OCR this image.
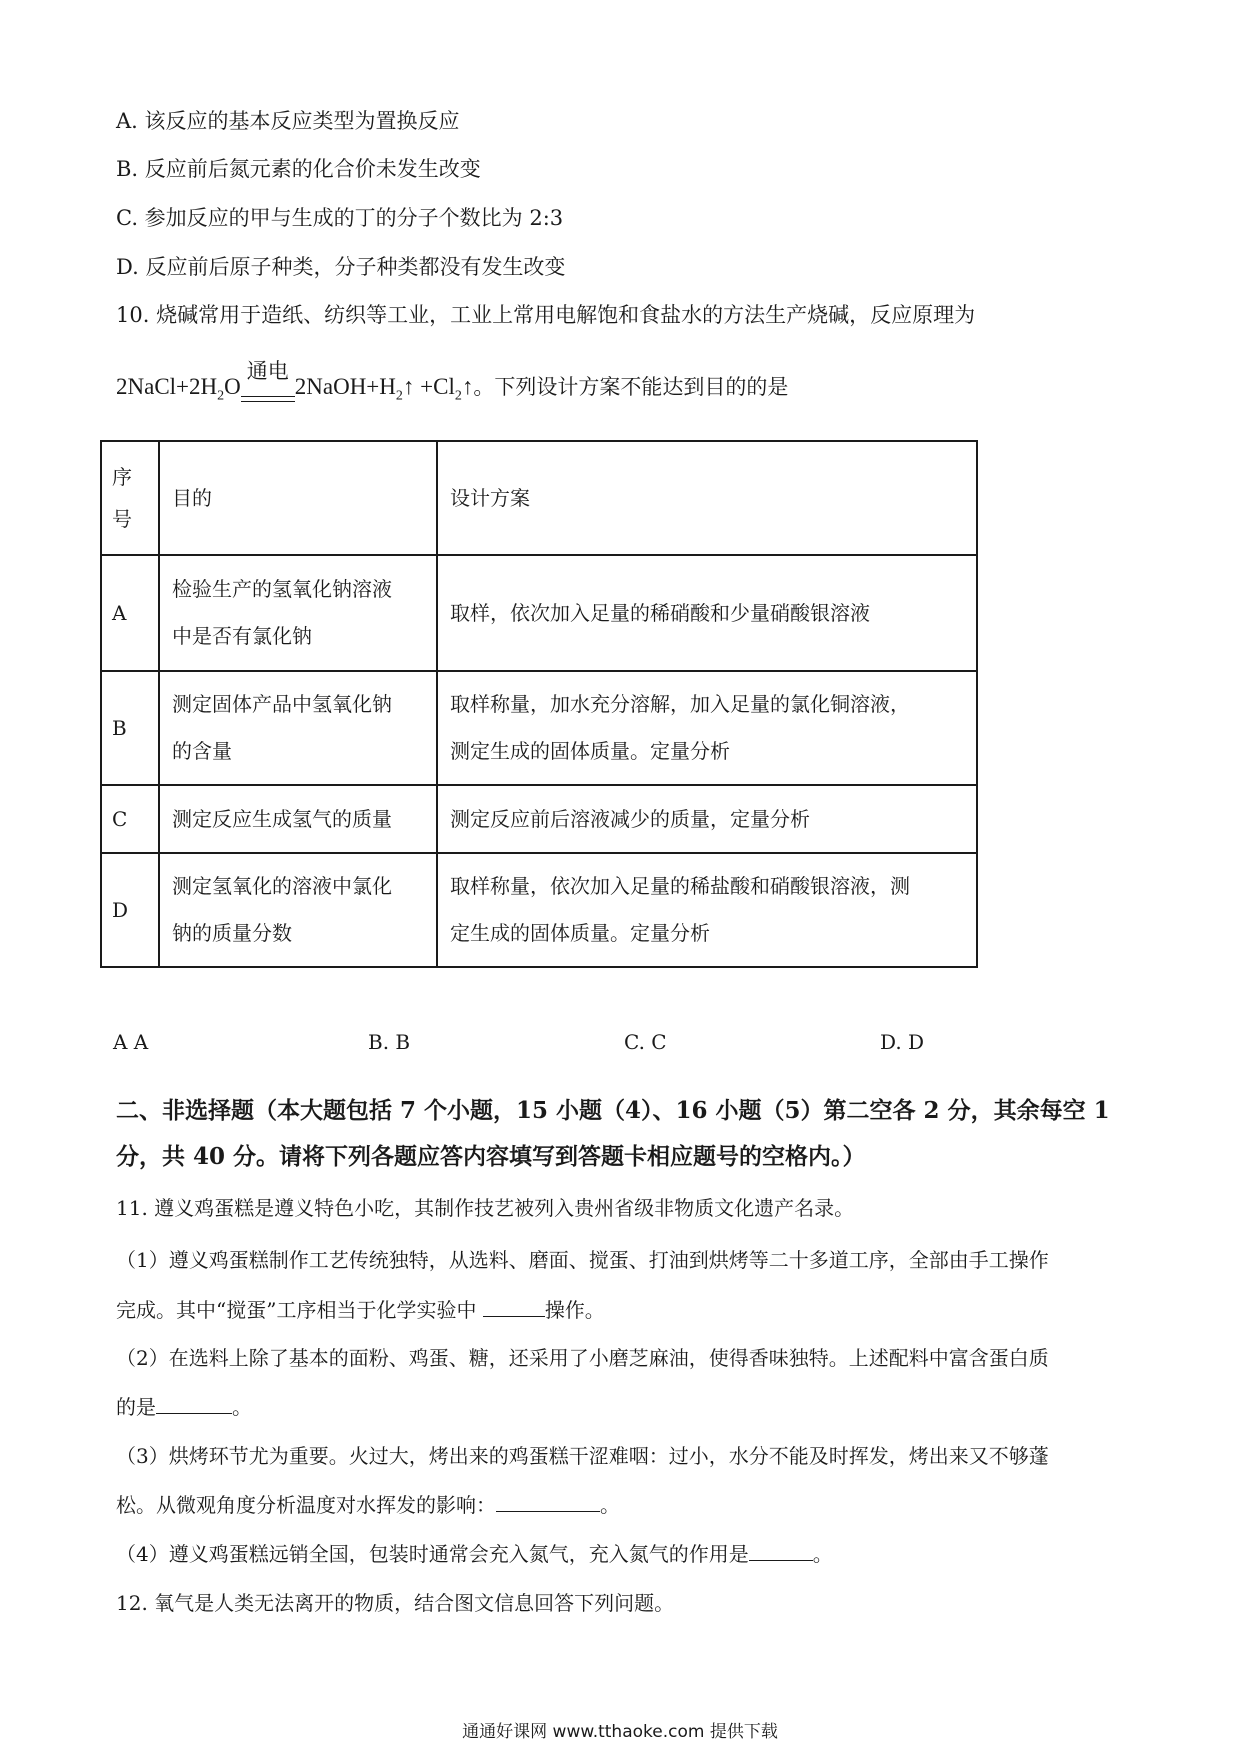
A. 该反应的基本反应类型为置换反应
B. 反应前后氮元素的化合价未发生改变
C. 参加反应的甲与生成的丁的分子个数比为 2:3
D. 反应前后原子种类，分子种类都没有发生改变
10. 烧碱常用于造纸、纺织等工业，工业上常用电解饱和食盐水的方法生产烧碱，反应原理为
$2NaCl+2H_2O$
通电
$2NaOH+H_2↑$ $+Cl_2↑$。下列设计方案不能达到目的的是
序
号	目的	设计方案
A	检验生产的氢氧化钠溶液
中是否有氯化钠	取样，依次加入足量的稀硝酸和少量硝酸银溶液

B	测定固体产品中氢氧化钠
的含量	取样称量，加水充分溶解，加入足量的氯化铜溶液，
测定生成的固体质量。定量分析

C	测定反应生成氢气的质量	测定反应前后溶液减少的质量，定量分析

D	测定氢氧化的溶液中氯化
钠的质量分数	取样称量，依次加入足量的稀盐酸和硝酸银溶液，测
定生成的固体质量。定量分析
A A	B. B	C. C	D. D
二、非选择题（本大题包括 7 个小题，15 小题（4）、16 小题（5）第二空各 2 分，其余每空 1
分，共 40 分。请将下列各题应答内容填写到答题卡相应题号的空格内。）
11. 遵义鸡蛋糕是遵义特色小吃，其制作技艺被列入贵州省级非物质文化遗产名录。
（1）遵义鸡蛋糕制作工艺传统独特，从选料、磨面、搅蛋、打油到烘烤等二十多道工序，全部由手工操作
完成。其中“搅蛋”工序相当于化学实验中	操作。
（2）在选料上除了基本的面粉、鸡蛋、糖，还采用了小磨芝麻油，使得香味独特。上述配料中富含蛋白质
的是	。
（3）烘烤环节尤为重要。火过大，烤出来的鸡蛋糕干涩难咽：过小，水分不能及时挥发，烤出来又不够蓬
松。从微观角度分析温度对水挥发的影响：	。
（4）遵义鸡蛋糕远销全国，包装时通常会充入氮气，充入氮气的作用是	。
12. 氧气是人类无法离开的物质，结合图文信息回答下列问题。
通通好课网 www.tthaoke.com 提供下载
